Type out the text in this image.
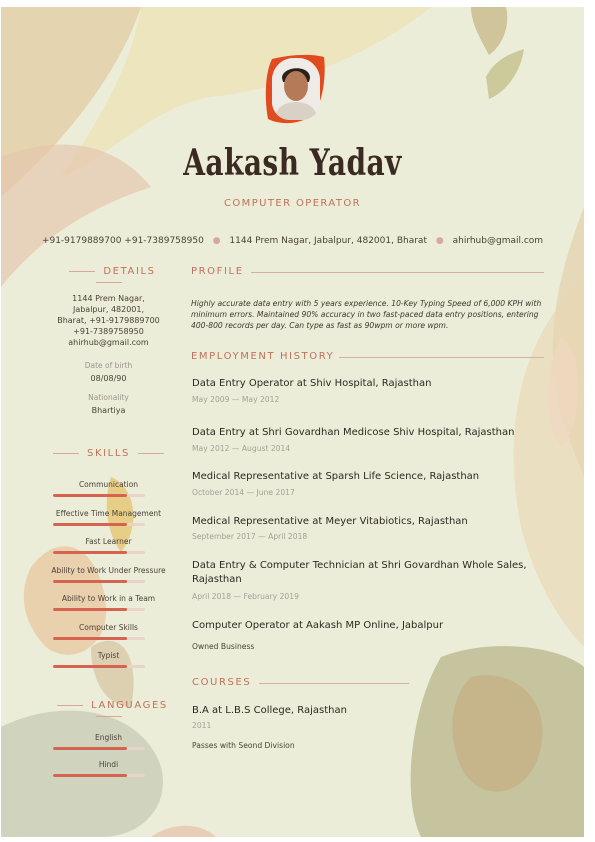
Aakash Yadav
COMPUTER OPERATOR
+91-9179889700 +91-7389758950 ● 1144 Prem Nagar, Jabalpur, 482001, Bharat ● ahirhub@gmail.com
DETAILS
1144 Prem Nagar,
Jabalpur, 482001,
Bharat, +91-9179889700
+91-7389758950
ahirhub@gmail.com
Date of birth
08/08/90
Nationality
Bhartiya
SKILLS
Communication
Effective Time Management
Fast Learner
Ability to Work Under Pressure
Ability to Work in a Team
Computer Skills
Typist
LANGUAGES
English
Hindi
PROFILE
Highly accurate data entry with 5 years experience. 10-Key Typing Speed of 6,000 KPH with minimum errors. Maintained 90% accuracy in two fast-paced data entry positions, entering 400-800 records per day. Can type as fast as 90wpm or more wpm.
EMPLOYMENT HISTORY
Data Entry Operator at Shiv Hospital, Rajasthan
May 2009 — May 2012
Data Entry at Shri Govardhan Medicose Shiv Hospital, Rajasthan
May 2012 — August 2014
Medical Representative at Sparsh Life Science, Rajasthan
October 2014 — June 2017
Medical Representative at Meyer Vitabiotics, Rajasthan
September 2017 — April 2018
Data Entry & Computer Technician at Shri Govardhan Whole Sales, Rajasthan
April 2018 — February 2019
Computer Operator at Aakash MP Online, Jabalpur
Owned Business
COURSES
B.A at L.B.S College, Rajasthan
2011
Passes with Seond Division
